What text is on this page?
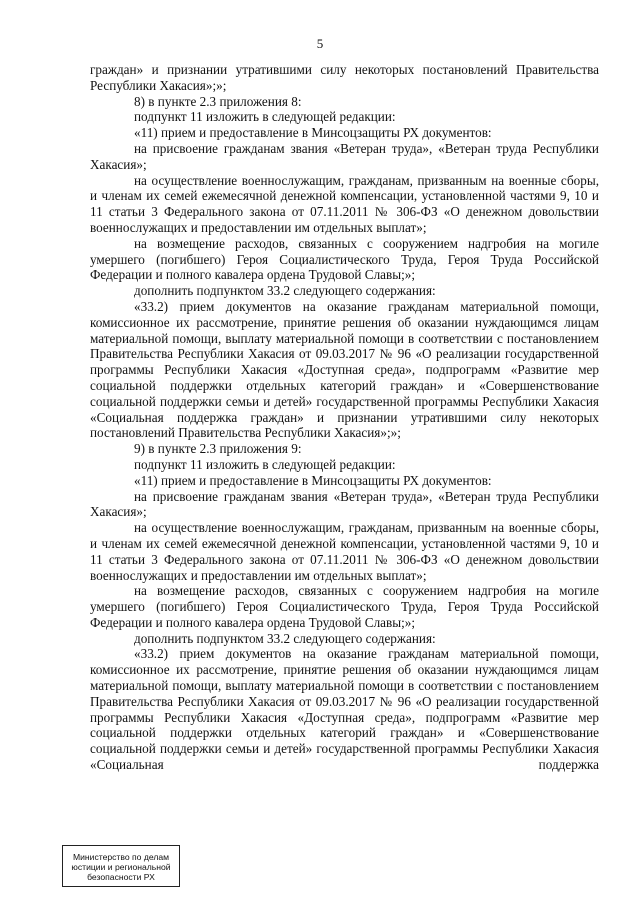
5

граждан» и признании утратившими силу некоторых постановлений Правительства Республики Хакасия»;»;

8) в пункте 2.3 приложения 8:

подпункт 11 изложить в следующей редакции:

«11) прием и предоставление в Минсоцзащиты РХ документов:

на присвоение гражданам звания «Ветеран труда», «Ветеран труда Республики Хакасия»;

на осуществление военнослужащим, гражданам, призванным на военные сборы, и членам их семей ежемесячной денежной компенсации, установленной частями 9, 10 и 11 статьи 3 Федерального закона от 07.11.2011 № 306-ФЗ «О денежном довольствии военнослужащих и предоставлении им отдельных выплат»;

на возмещение расходов, связанных с сооружением надгробия на могиле умершего (погибшего) Героя Социалистического Труда, Героя Труда Российской Федерации и полного кавалера ордена Трудовой Славы;»;

дополнить подпунктом 33.2 следующего содержания:

«33.2) прием документов на оказание гражданам материальной помощи, комиссионное их рассмотрение, принятие решения об оказании нуждающимся лицам материальной помощи, выплату материальной помощи в соответствии с постановлением Правительства Республики Хакасия от 09.03.2017 № 96 «О реализации государственной программы Республики Хакасия «Доступная среда», подпрограмм «Развитие мер социальной поддержки отдельных категорий граждан» и «Совершенствование социальной поддержки семьи и детей» государственной программы Республики Хакасия «Социальная поддержка граждан» и признании утратившими силу некоторых постановлений Правительства Республики Хакасия»;»;

9) в пункте 2.3 приложения 9:

подпункт 11 изложить в следующей редакции:

«11) прием и предоставление в Минсоцзащиты РХ документов:

на присвоение гражданам звания «Ветеран труда», «Ветеран труда Республики Хакасия»;

на осуществление военнослужащим, гражданам, призванным на военные сборы, и членам их семей ежемесячной денежной компенсации, установленной частями 9, 10 и 11 статьи 3 Федерального закона от 07.11.2011 № 306-ФЗ «О денежном довольствии военнослужащих и предоставлении им отдельных выплат»;

на возмещение расходов, связанных с сооружением надгробия на могиле умершего (погибшего) Героя Социалистического Труда, Героя Труда Российской Федерации и полного кавалера ордена Трудовой Славы;»;

дополнить подпунктом 33.2 следующего содержания:

«33.2) прием документов на оказание гражданам материальной помощи, комиссионное их рассмотрение, принятие решения об оказании нуждающимся лицам материальной помощи, выплату материальной помощи в соответствии с постановлением Правительства Республики Хакасия от 09.03.2017 № 96 «О реализации государственной программы Республики Хакасия «Доступная среда», подпрограмм «Развитие мер социальной поддержки отдельных категорий граждан» и «Совершенствование социальной поддержки семьи и детей» государственной программы Республики Хакасия «Социальная поддержка

Министерство по делам
юстиции и региональной
безопасности РХ
